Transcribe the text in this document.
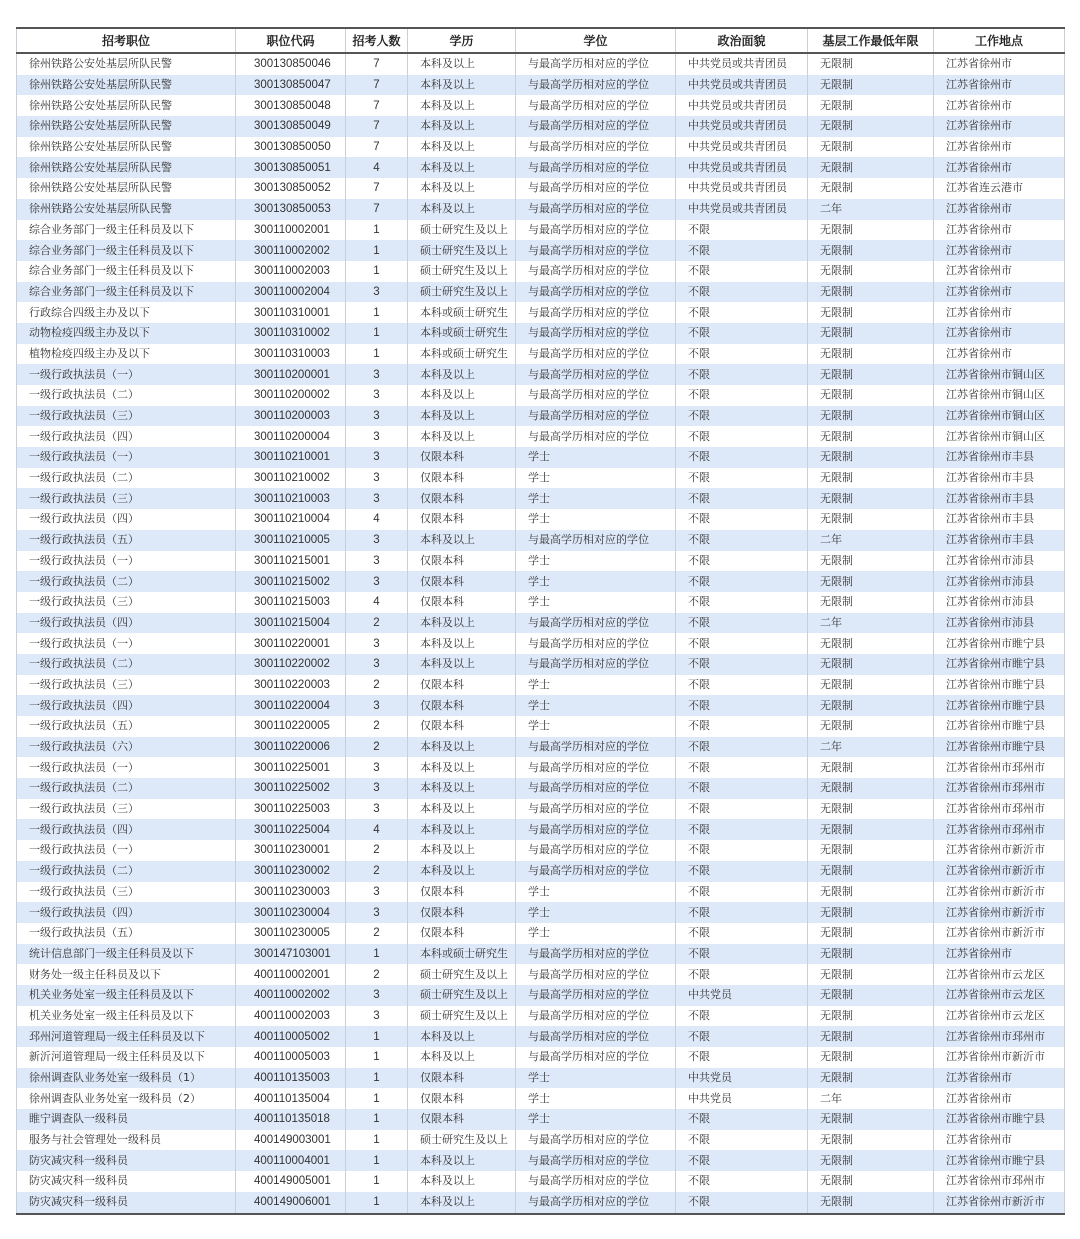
招考职位	职位代码	招考人数	学历	学位	政治面貌	基层工作最低年限	工作地点
徐州铁路公安处基层所队民警	300130850046	7	本科及以上	与最高学历相对应的学位	中共党员或共青团员	无限制	江苏省徐州市
徐州铁路公安处基层所队民警	300130850047	7	本科及以上	与最高学历相对应的学位	中共党员或共青团员	无限制	江苏省徐州市
徐州铁路公安处基层所队民警	300130850048	7	本科及以上	与最高学历相对应的学位	中共党员或共青团员	无限制	江苏省徐州市
徐州铁路公安处基层所队民警	300130850049	7	本科及以上	与最高学历相对应的学位	中共党员或共青团员	无限制	江苏省徐州市
徐州铁路公安处基层所队民警	300130850050	7	本科及以上	与最高学历相对应的学位	中共党员或共青团员	无限制	江苏省徐州市
徐州铁路公安处基层所队民警	300130850051	4	本科及以上	与最高学历相对应的学位	中共党员或共青团员	无限制	江苏省徐州市
徐州铁路公安处基层所队民警	300130850052	7	本科及以上	与最高学历相对应的学位	中共党员或共青团员	无限制	江苏省连云港市
徐州铁路公安处基层所队民警	300130850053	7	本科及以上	与最高学历相对应的学位	中共党员或共青团员	二年	江苏省徐州市
综合业务部门一级主任科员及以下	300110002001	1	硕士研究生及以上	与最高学历相对应的学位	不限	无限制	江苏省徐州市
综合业务部门一级主任科员及以下	300110002002	1	硕士研究生及以上	与最高学历相对应的学位	不限	无限制	江苏省徐州市
综合业务部门一级主任科员及以下	300110002003	1	硕士研究生及以上	与最高学历相对应的学位	不限	无限制	江苏省徐州市
综合业务部门一级主任科员及以下	300110002004	3	硕士研究生及以上	与最高学历相对应的学位	不限	无限制	江苏省徐州市
行政综合四级主办及以下	300110310001	1	本科或硕士研究生	与最高学历相对应的学位	不限	无限制	江苏省徐州市
动物检疫四级主办及以下	300110310002	1	本科或硕士研究生	与最高学历相对应的学位	不限	无限制	江苏省徐州市
植物检疫四级主办及以下	300110310003	1	本科或硕士研究生	与最高学历相对应的学位	不限	无限制	江苏省徐州市
一级行政执法员（一）	300110200001	3	本科及以上	与最高学历相对应的学位	不限	无限制	江苏省徐州市铜山区
一级行政执法员（二）	300110200002	3	本科及以上	与最高学历相对应的学位	不限	无限制	江苏省徐州市铜山区
一级行政执法员（三）	300110200003	3	本科及以上	与最高学历相对应的学位	不限	无限制	江苏省徐州市铜山区
一级行政执法员（四）	300110200004	3	本科及以上	与最高学历相对应的学位	不限	无限制	江苏省徐州市铜山区
一级行政执法员（一）	300110210001	3	仅限本科	学士	不限	无限制	江苏省徐州市丰县
一级行政执法员（二）	300110210002	3	仅限本科	学士	不限	无限制	江苏省徐州市丰县
一级行政执法员（三）	300110210003	3	仅限本科	学士	不限	无限制	江苏省徐州市丰县
一级行政执法员（四）	300110210004	4	仅限本科	学士	不限	无限制	江苏省徐州市丰县
一级行政执法员（五）	300110210005	3	本科及以上	与最高学历相对应的学位	不限	二年	江苏省徐州市丰县
一级行政执法员（一）	300110215001	3	仅限本科	学士	不限	无限制	江苏省徐州市沛县
一级行政执法员（二）	300110215002	3	仅限本科	学士	不限	无限制	江苏省徐州市沛县
一级行政执法员（三）	300110215003	4	仅限本科	学士	不限	无限制	江苏省徐州市沛县
一级行政执法员（四）	300110215004	2	本科及以上	与最高学历相对应的学位	不限	二年	江苏省徐州市沛县
一级行政执法员（一）	300110220001	3	本科及以上	与最高学历相对应的学位	不限	无限制	江苏省徐州市睢宁县
一级行政执法员（二）	300110220002	3	本科及以上	与最高学历相对应的学位	不限	无限制	江苏省徐州市睢宁县
一级行政执法员（三）	300110220003	2	仅限本科	学士	不限	无限制	江苏省徐州市睢宁县
一级行政执法员（四）	300110220004	3	仅限本科	学士	不限	无限制	江苏省徐州市睢宁县
一级行政执法员（五）	300110220005	2	仅限本科	学士	不限	无限制	江苏省徐州市睢宁县
一级行政执法员（六）	300110220006	2	本科及以上	与最高学历相对应的学位	不限	二年	江苏省徐州市睢宁县
一级行政执法员（一）	300110225001	3	本科及以上	与最高学历相对应的学位	不限	无限制	江苏省徐州市邳州市
一级行政执法员（二）	300110225002	3	本科及以上	与最高学历相对应的学位	不限	无限制	江苏省徐州市邳州市
一级行政执法员（三）	300110225003	3	本科及以上	与最高学历相对应的学位	不限	无限制	江苏省徐州市邳州市
一级行政执法员（四）	300110225004	4	本科及以上	与最高学历相对应的学位	不限	无限制	江苏省徐州市邳州市
一级行政执法员（一）	300110230001	2	本科及以上	与最高学历相对应的学位	不限	无限制	江苏省徐州市新沂市
一级行政执法员（二）	300110230002	2	本科及以上	与最高学历相对应的学位	不限	无限制	江苏省徐州市新沂市
一级行政执法员（三）	300110230003	3	仅限本科	学士	不限	无限制	江苏省徐州市新沂市
一级行政执法员（四）	300110230004	3	仅限本科	学士	不限	无限制	江苏省徐州市新沂市
一级行政执法员（五）	300110230005	2	仅限本科	学士	不限	无限制	江苏省徐州市新沂市
统计信息部门一级主任科员及以下	300147103001	1	本科或硕士研究生	与最高学历相对应的学位	不限	无限制	江苏省徐州市
财务处一级主任科员及以下	400110002001	2	硕士研究生及以上	与最高学历相对应的学位	不限	无限制	江苏省徐州市云龙区
机关业务处室一级主任科员及以下	400110002002	3	硕士研究生及以上	与最高学历相对应的学位	中共党员	无限制	江苏省徐州市云龙区
机关业务处室一级主任科员及以下	400110002003	3	硕士研究生及以上	与最高学历相对应的学位	不限	无限制	江苏省徐州市云龙区
邳州河道管理局一级主任科员及以下	400110005002	1	本科及以上	与最高学历相对应的学位	不限	无限制	江苏省徐州市邳州市
新沂河道管理局一级主任科员及以下	400110005003	1	本科及以上	与最高学历相对应的学位	不限	无限制	江苏省徐州市新沂市
徐州调查队业务处室一级科员（1）	400110135003	1	仅限本科	学士	中共党员	无限制	江苏省徐州市
徐州调查队业务处室一级科员（2）	400110135004	1	仅限本科	学士	中共党员	二年	江苏省徐州市
睢宁调查队一级科员	400110135018	1	仅限本科	学士	不限	无限制	江苏省徐州市睢宁县
服务与社会管理处一级科员	400149003001	1	硕士研究生及以上	与最高学历相对应的学位	不限	无限制	江苏省徐州市
防灾减灾科一级科员	400110004001	1	本科及以上	与最高学历相对应的学位	不限	无限制	江苏省徐州市睢宁县
防灾减灾科一级科员	400149005001	1	本科及以上	与最高学历相对应的学位	不限	无限制	江苏省徐州市邳州市
防灾减灾科一级科员	400149006001	1	本科及以上	与最高学历相对应的学位	不限	无限制	江苏省徐州市新沂市
